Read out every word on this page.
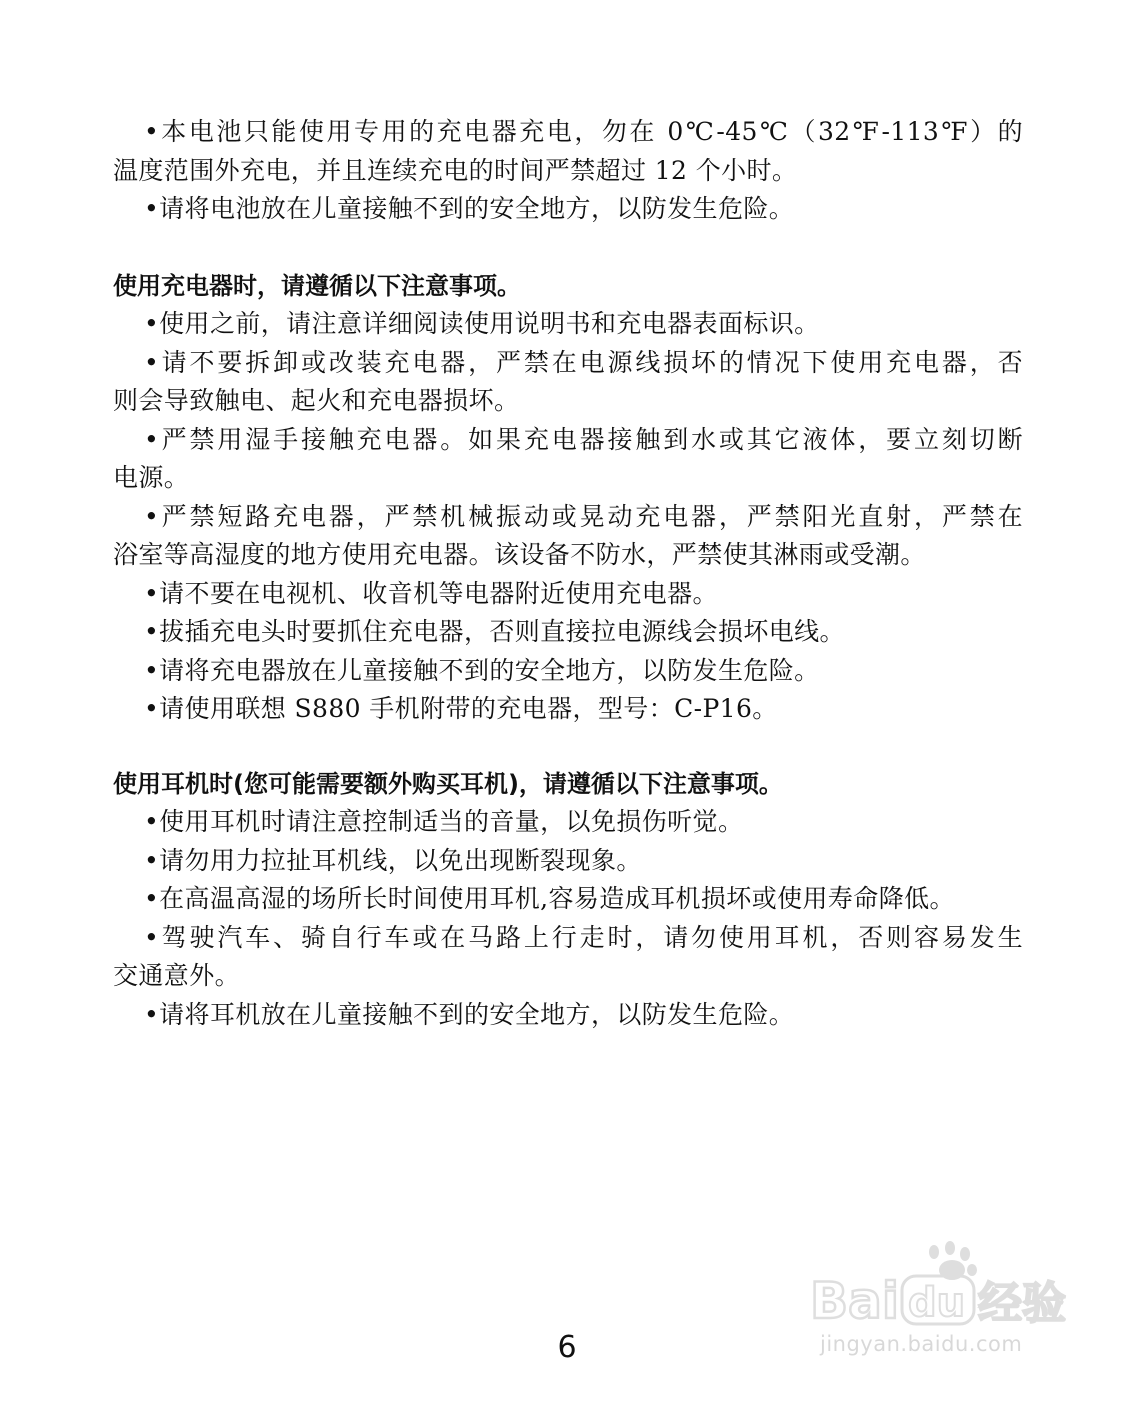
•本电池只能使用专用的充电器充电，勿在 0℃-45℃（32℉-113℉）的
温度范围外充电，并且连续充电的时间严禁超过 12 个小时。
•请将电池放在儿童接触不到的安全地方，以防发生危险。
使用充电器时，请遵循以下注意事项。
•使用之前，请注意详细阅读使用说明书和充电器表面标识。
•请不要拆卸或改装充电器，严禁在电源线损坏的情况下使用充电器，否
则会导致触电、起火和充电器损坏。
•严禁用湿手接触充电器。如果充电器接触到水或其它液体，要立刻切断
电源。
•严禁短路充电器，严禁机械振动或晃动充电器，严禁阳光直射，严禁在
浴室等高湿度的地方使用充电器。该设备不防水，严禁使其淋雨或受潮。
•请不要在电视机、收音机等电器附近使用充电器。
•拔插充电头时要抓住充电器，否则直接拉电源线会损坏电线。
•请将充电器放在儿童接触不到的安全地方，以防发生危险。
•请使用联想 S880 手机附带的充电器，型号：C-P16。
使用耳机时(您可能需要额外购买耳机)，请遵循以下注意事项。
•使用耳机时请注意控制适当的音量，以免损伤听觉。
•请勿用力拉扯耳机线，以免出现断裂现象。
•在高温高湿的场所长时间使用耳机,容易造成耳机损坏或使用寿命降低。
•驾驶汽车、骑自行车或在马路上行走时，请勿使用耳机，否则容易发生
交通意外。
•请将耳机放在儿童接触不到的安全地方，以防发生危险。
6
Bai du 经验
jingyan.baidu.com
